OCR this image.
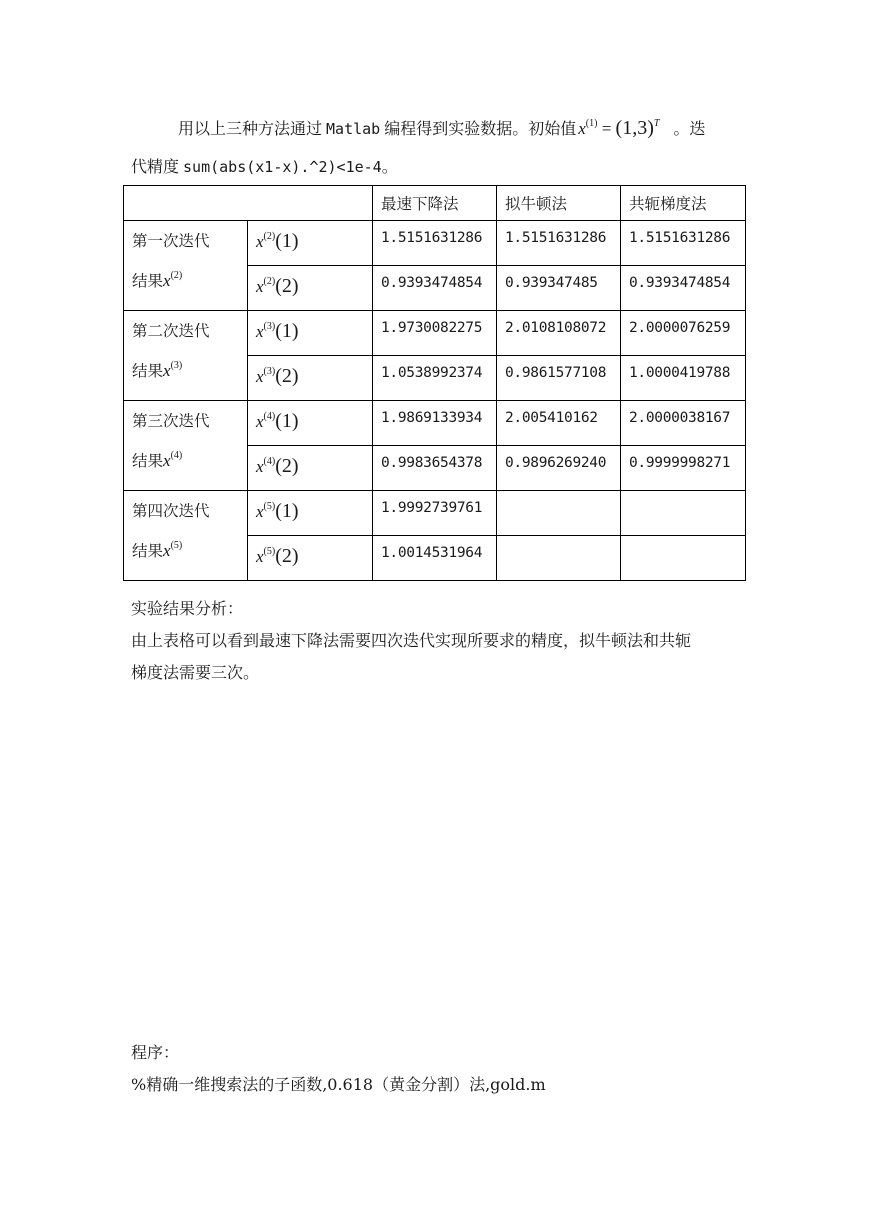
用以上三种方法通过 Matlab 编程得到实验数据。初始值 $x^{(1)} = (1,3)^T$ 。迭
代精度 sum(abs(x1-x).^2)<1e-4。
		最速下降法	拟牛顿法	共轭梯度法

第一次迭代
结果$x^{(2)}$	$x^{(2)}(1)$	1.5151631286	1.5151631286	1.5151631286
	$x^{(2)}(2)$	0.9393474854	0.939347485	0.9393474854

第二次迭代
结果$x^{(3)}$	$x^{(3)}(1)$	1.9730082275	2.0108108072	2.0000076259
	$x^{(3)}(2)$	1.0538992374	0.9861577108	1.0000419788

第三次迭代
结果$x^{(4)}$	$x^{(4)}(1)$	1.9869133934	2.005410162	2.0000038167
	$x^{(4)}(2)$	0.9983654378	0.9896269240	0.9999998271

第四次迭代
结果$x^{(5)}$	$x^{(5)}(1)$	1.9992739761		
	$x^{(5)}(2)$	1.0014531964		
实验结果分析：
由上表格可以看到最速下降法需要四次迭代实现所要求的精度，拟牛顿法和共轭
梯度法需要三次。
程序：
%精确一维搜索法的子函数,0.618（黄金分割）法,gold.m
